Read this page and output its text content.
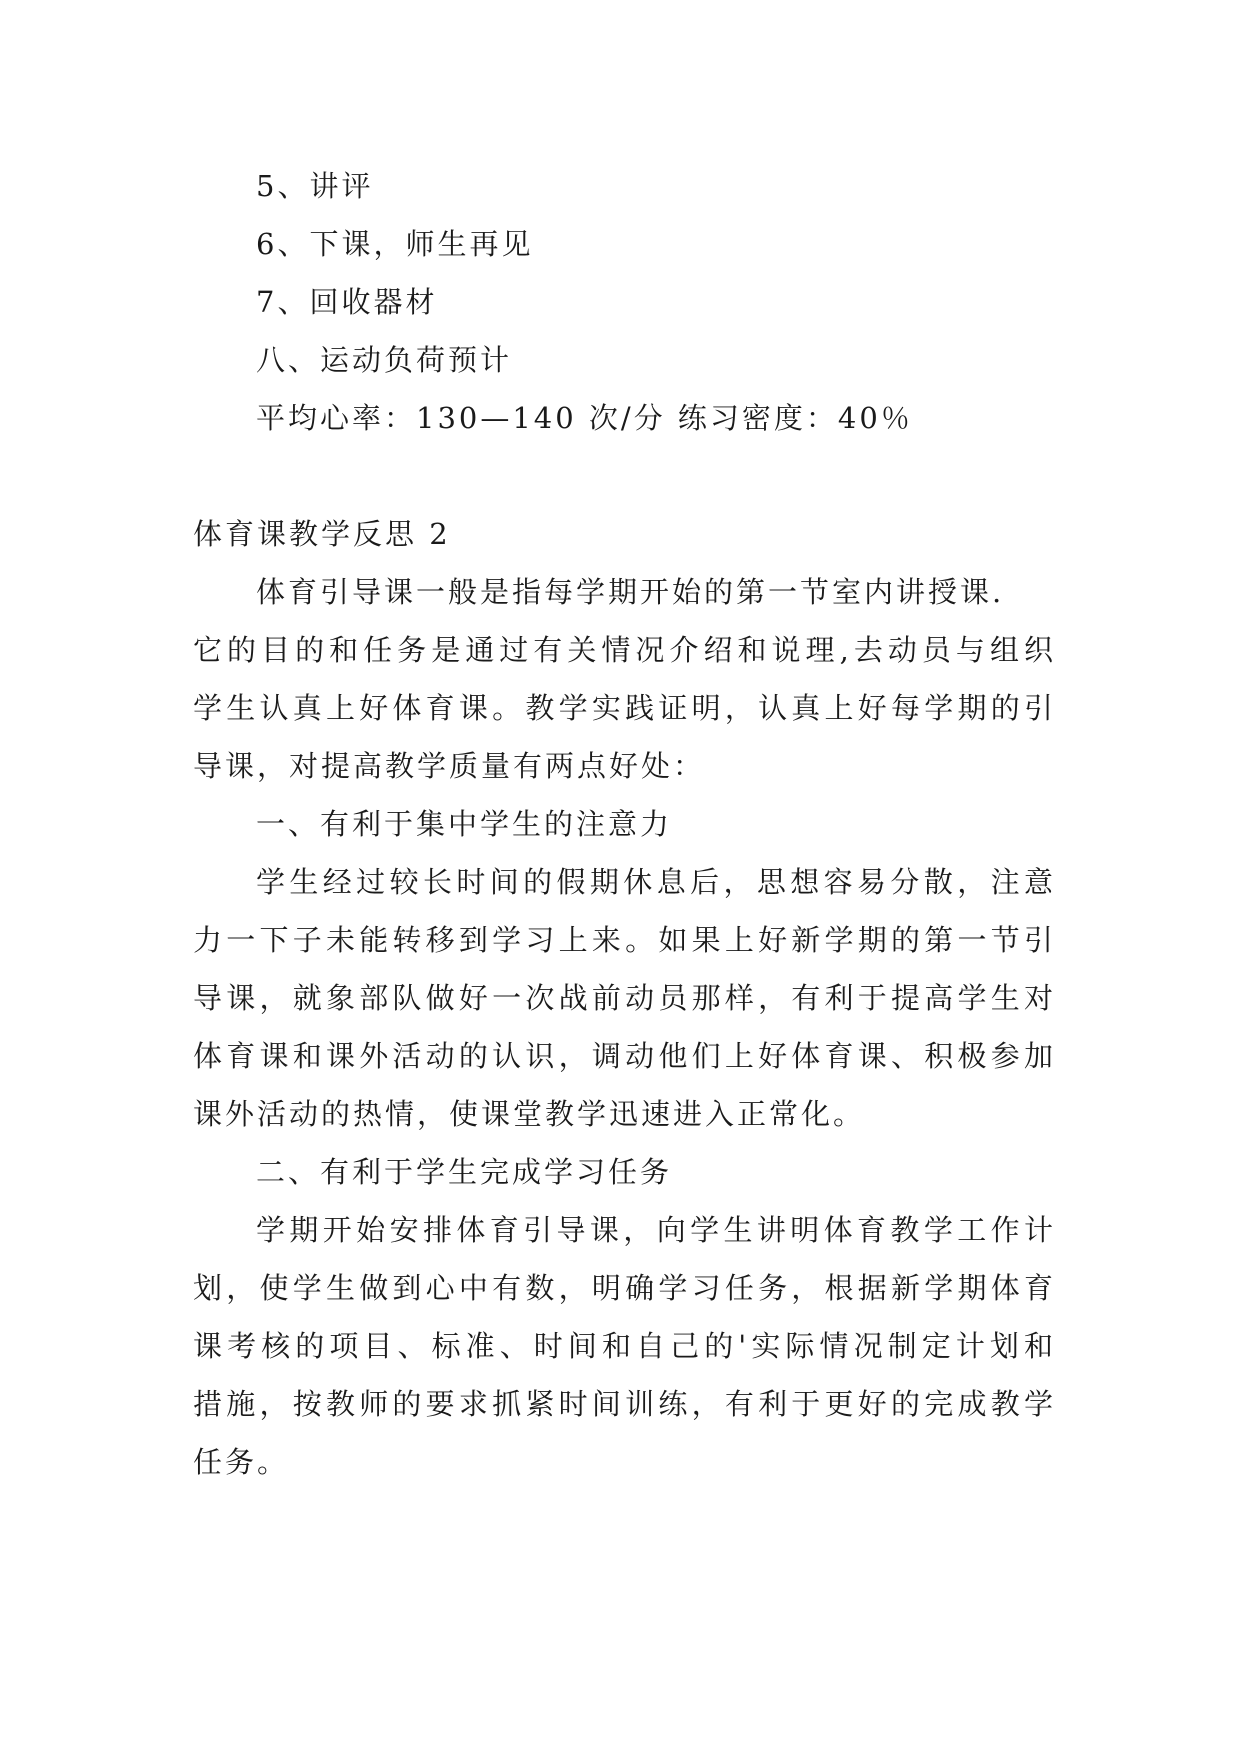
5、讲评
6、下课，师生再见
7、回收器材
八、运动负荷预计
平均心率：130—140 次/分 练习密度：40％
体育课教学反思 2
体育引导课一般是指每学期开始的第一节室内讲授课.
它的目的和任务是通过有关情况介绍和说理,去动员与组织
学生认真上好体育课。教学实践证明，认真上好每学期的引
导课，对提高教学质量有两点好处：
一、有利于集中学生的注意力
学生经过较长时间的假期休息后，思想容易分散，注意
力一下子未能转移到学习上来。如果上好新学期的第一节引
导课，就象部队做好一次战前动员那样，有利于提高学生对
体育课和课外活动的认识，调动他们上好体育课、积极参加
课外活动的热情，使课堂教学迅速进入正常化。
二、有利于学生完成学习任务
学期开始安排体育引导课，向学生讲明体育教学工作计
划，使学生做到心中有数，明确学习任务，根据新学期体育
课考核的项目、标准、时间和自己的'实际情况制定计划和
措施，按教师的要求抓紧时间训练，有利于更好的完成教学
任务。
